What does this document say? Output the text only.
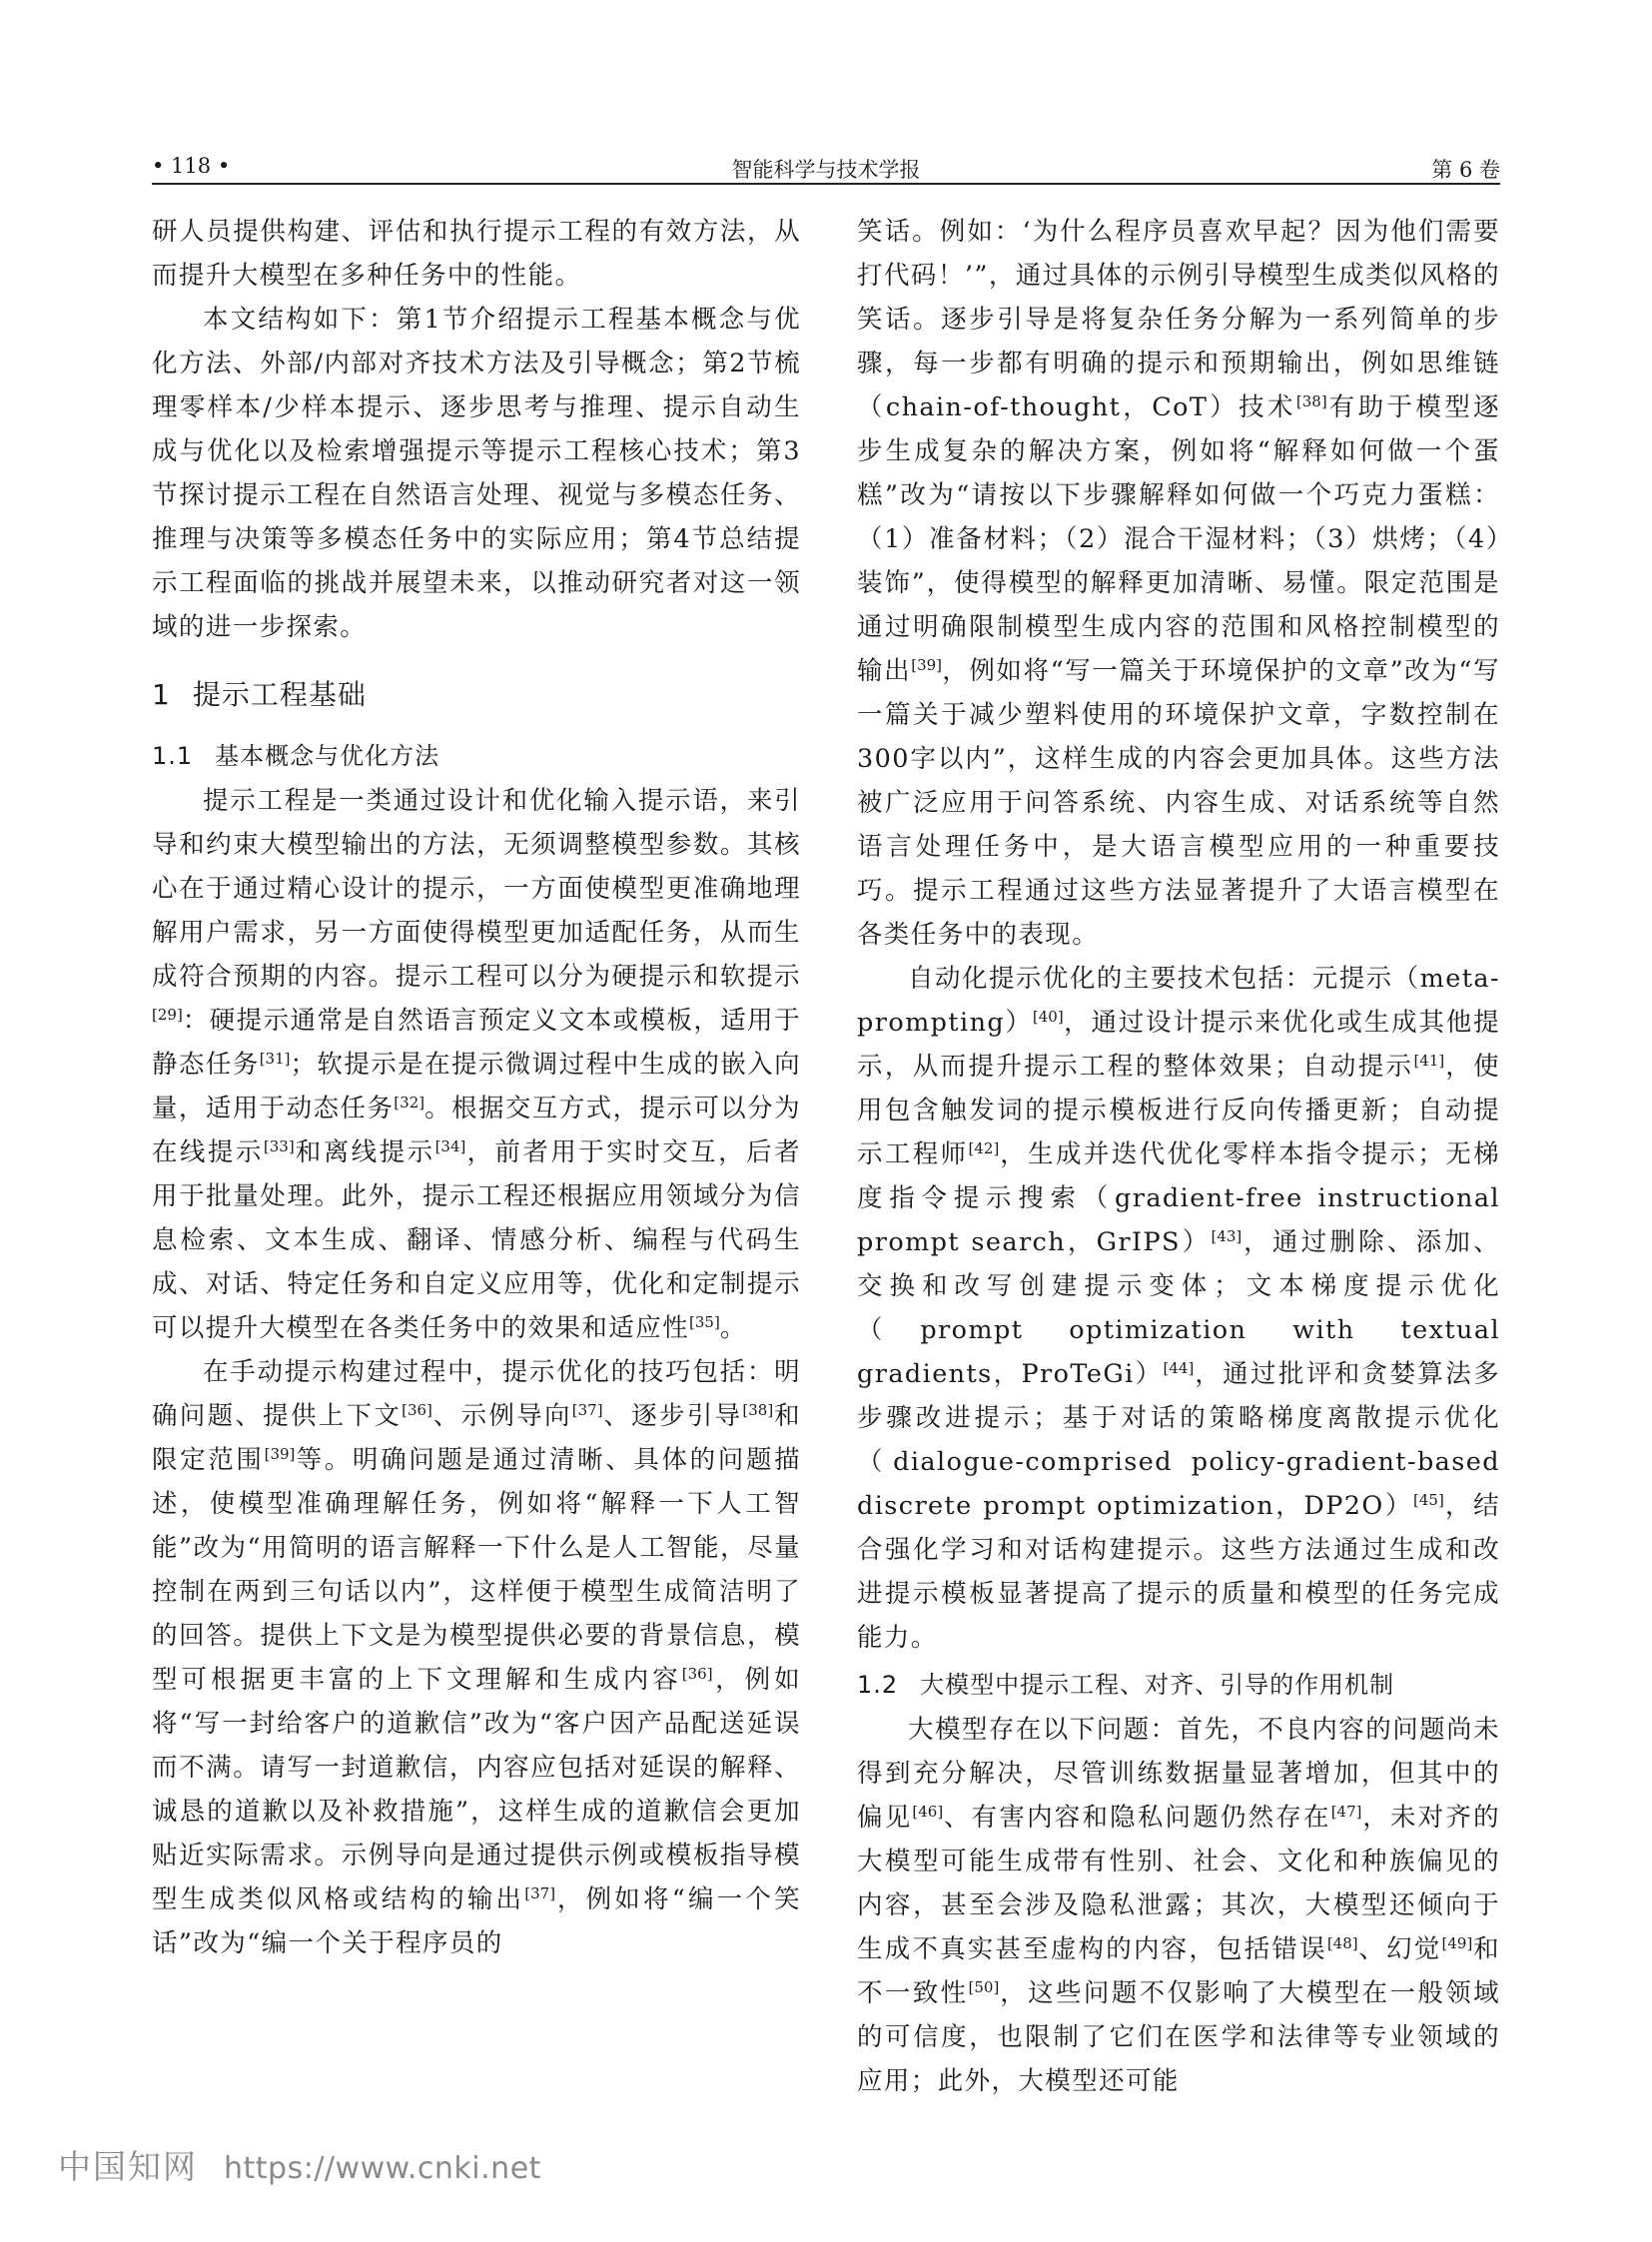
• 118 •	智能科学与技术学报	第 6 卷

研人员提供构建、评估和执行提示工程的有效方法，从而提升大模型在多种任务中的性能。

本文结构如下：第1节介绍提示工程基本概念与优化方法、外部/内部对齐技术方法及引导概念；第2节梳理零样本/少样本提示、逐步思考与推理、提示自动生成与优化以及检索增强提示等提示工程核心技术；第3节探讨提示工程在自然语言处理、视觉与多模态任务、推理与决策等多模态任务中的实际应用；第4节总结提示工程面临的挑战并展望未来，以推动研究者对这一领域的进一步探索。

1 提示工程基础
1.1 基本概念与优化方法

提示工程是一类通过设计和优化输入提示语，来引导和约束大模型输出的方法，无须调整模型参数。其核心在于通过精心设计的提示，一方面使模型更准确地理解用户需求，另一方面使得模型更加适配任务，从而生成符合预期的内容。提示工程可以分为硬提示和软提示[29]：硬提示通常是自然语言预定义文本或模板，适用于静态任务[31]；软提示是在提示微调过程中生成的嵌入向量，适用于动态任务[32]。根据交互方式，提示可以分为在线提示[33]和离线提示[34]，前者用于实时交互，后者用于批量处理。此外，提示工程还根据应用领域分为信息检索、文本生成、翻译、情感分析、编程与代码生成、对话、特定任务和自定义应用等，优化和定制提示可以提升大模型在各类任务中的效果和适应性[35]。

在手动提示构建过程中，提示优化的技巧包括：明确问题、提供上下文[36]、示例导向[37]、逐步引导[38]和限定范围[39]等。明确问题是通过清晰、具体的问题描述，使模型准确理解任务，例如将“解释一下人工智能”改为“用简明的语言解释一下什么是人工智能，尽量控制在两到三句话以内”，这样便于模型生成简洁明了的回答。提供上下文是为模型提供必要的背景信息，模型可根据更丰富的上下文理解和生成内容[36]，例如将“写一封给客户的道歉信”改为“客户因产品配送延误而不满。请写一封道歉信，内容应包括对延误的解释、诚恳的道歉以及补救措施”，这样生成的道歉信会更加贴近实际需求。示例导向是通过提供示例或模板指导模型生成类似风格或结构的输出[37]，例如将“编一个笑话”改为“编一个关于程序员的

笑话。例如：‘为什么程序员喜欢早起？因为他们需要打代码！’”，通过具体的示例引导模型生成类似风格的笑话。逐步引导是将复杂任务分解为一系列简单的步骤，每一步都有明确的提示和预期输出，例如思维链（chain-of-thought，CoT）技术[38]有助于模型逐步生成复杂的解决方案，例如将“解释如何做一个蛋糕”改为“请按以下步骤解释如何做一个巧克力蛋糕：（1）准备材料；（2）混合干湿材料；（3）烘烤；（4）装饰”，使得模型的解释更加清晰、易懂。限定范围是通过明确限制模型生成内容的范围和风格控制模型的输出[39]，例如将“写一篇关于环境保护的文章”改为“写一篇关于减少塑料使用的环境保护文章，字数控制在300字以内”，这样生成的内容会更加具体。这些方法被广泛应用于问答系统、内容生成、对话系统等自然语言处理任务中，是大语言模型应用的一种重要技巧。提示工程通过这些方法显著提升了大语言模型在各类任务中的表现。

自动化提示优化的主要技术包括：元提示（meta-prompting）[40]，通过设计提示来优化或生成其他提示，从而提升提示工程的整体效果；自动提示[41]，使用包含触发词的提示模板进行反向传播更新；自动提示工程师[42]，生成并迭代优化零样本指令提示；无梯度指令提示搜索（gradient-free instructional prompt search，GrIPS）[43]，通过删除、添加、交换和改写创建提示变体；文本梯度提示优化（prompt optimization with textual gradients，ProTeGi）[44]，通过批评和贪婪算法多步骤改进提示；基于对话的策略梯度离散提示优化（dialogue-comprised policy-gradient-based discrete prompt optimization，DP2O）[45]，结合强化学习和对话构建提示。这些方法通过生成和改进提示模板显著提高了提示的质量和模型的任务完成能力。

1.2 大模型中提示工程、对齐、引导的作用机制

大模型存在以下问题：首先，不良内容的问题尚未得到充分解决，尽管训练数据量显著增加，但其中的偏见[46]、有害内容和隐私问题仍然存在[47]，未对齐的大模型可能生成带有性别、社会、文化和种族偏见的内容，甚至会涉及隐私泄露；其次，大模型还倾向于生成不真实甚至虚构的内容，包括错误[48]、幻觉[49]和不一致性[50]，这些问题不仅影响了大模型在一般领域的可信度，也限制了它们在医学和法律等专业领域的应用；此外，大模型还可能

中国知网 https://www.cnki.net
